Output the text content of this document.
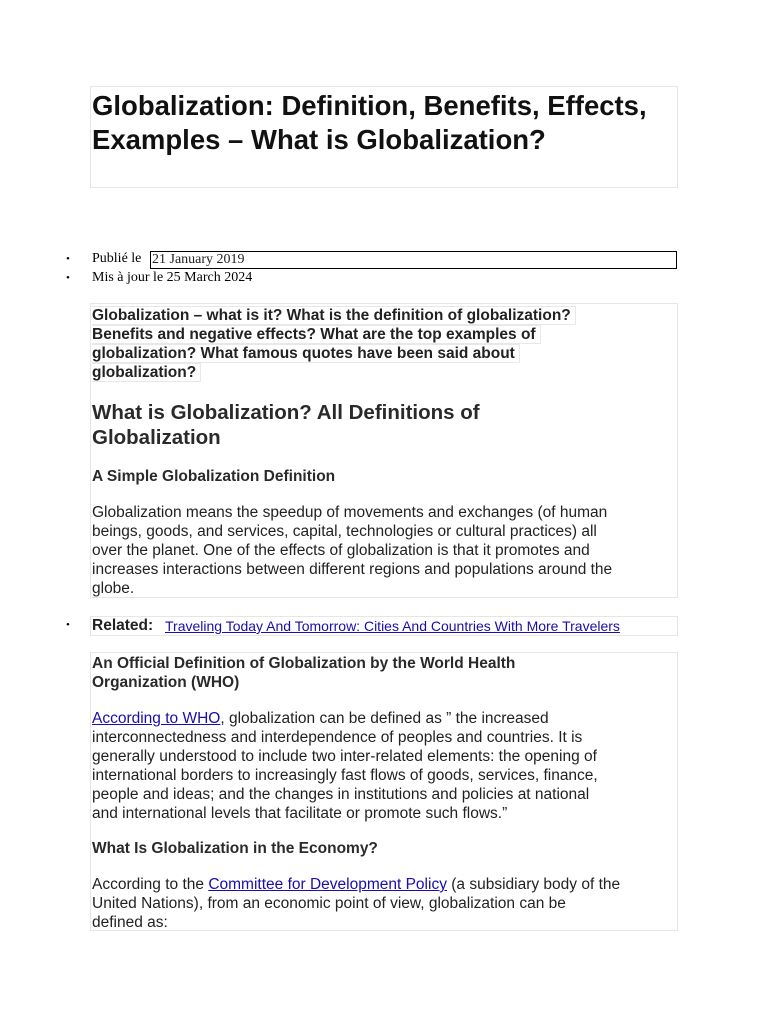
Globalization: Definition, Benefits, Effects, Examples – What is Globalization?
• Publié le 21 January 2019
• Mis à jour le 25 March 2024
Globalization – what is it? What is the definition of globalization?
Benefits and negative effects? What are the top examples of
globalization? What famous quotes have been said about
globalization?
What is Globalization? All Definitions of
Globalization
A Simple Globalization Definition
Globalization means the speedup of movements and exchanges (of human
beings, goods, and services, capital, technologies or cultural practices) all
over the planet. One of the effects of globalization is that it promotes and
increases interactions between different regions and populations around the
globe.
• Related: Traveling Today And Tomorrow: Cities And Countries With More Travelers
An Official Definition of Globalization by the World Health
Organization (WHO)
According to WHO, globalization can be defined as ” the increased
interconnectedness and interdependence of peoples and countries. It is
generally understood to include two inter-related elements: the opening of
international borders to increasingly fast flows of goods, services, finance,
people and ideas; and the changes in institutions and policies at national
and international levels that facilitate or promote such flows.”
What Is Globalization in the Economy?
According to the Committee for Development Policy (a subsidiary body of the
United Nations), from an economic point of view, globalization can be
defined as:
